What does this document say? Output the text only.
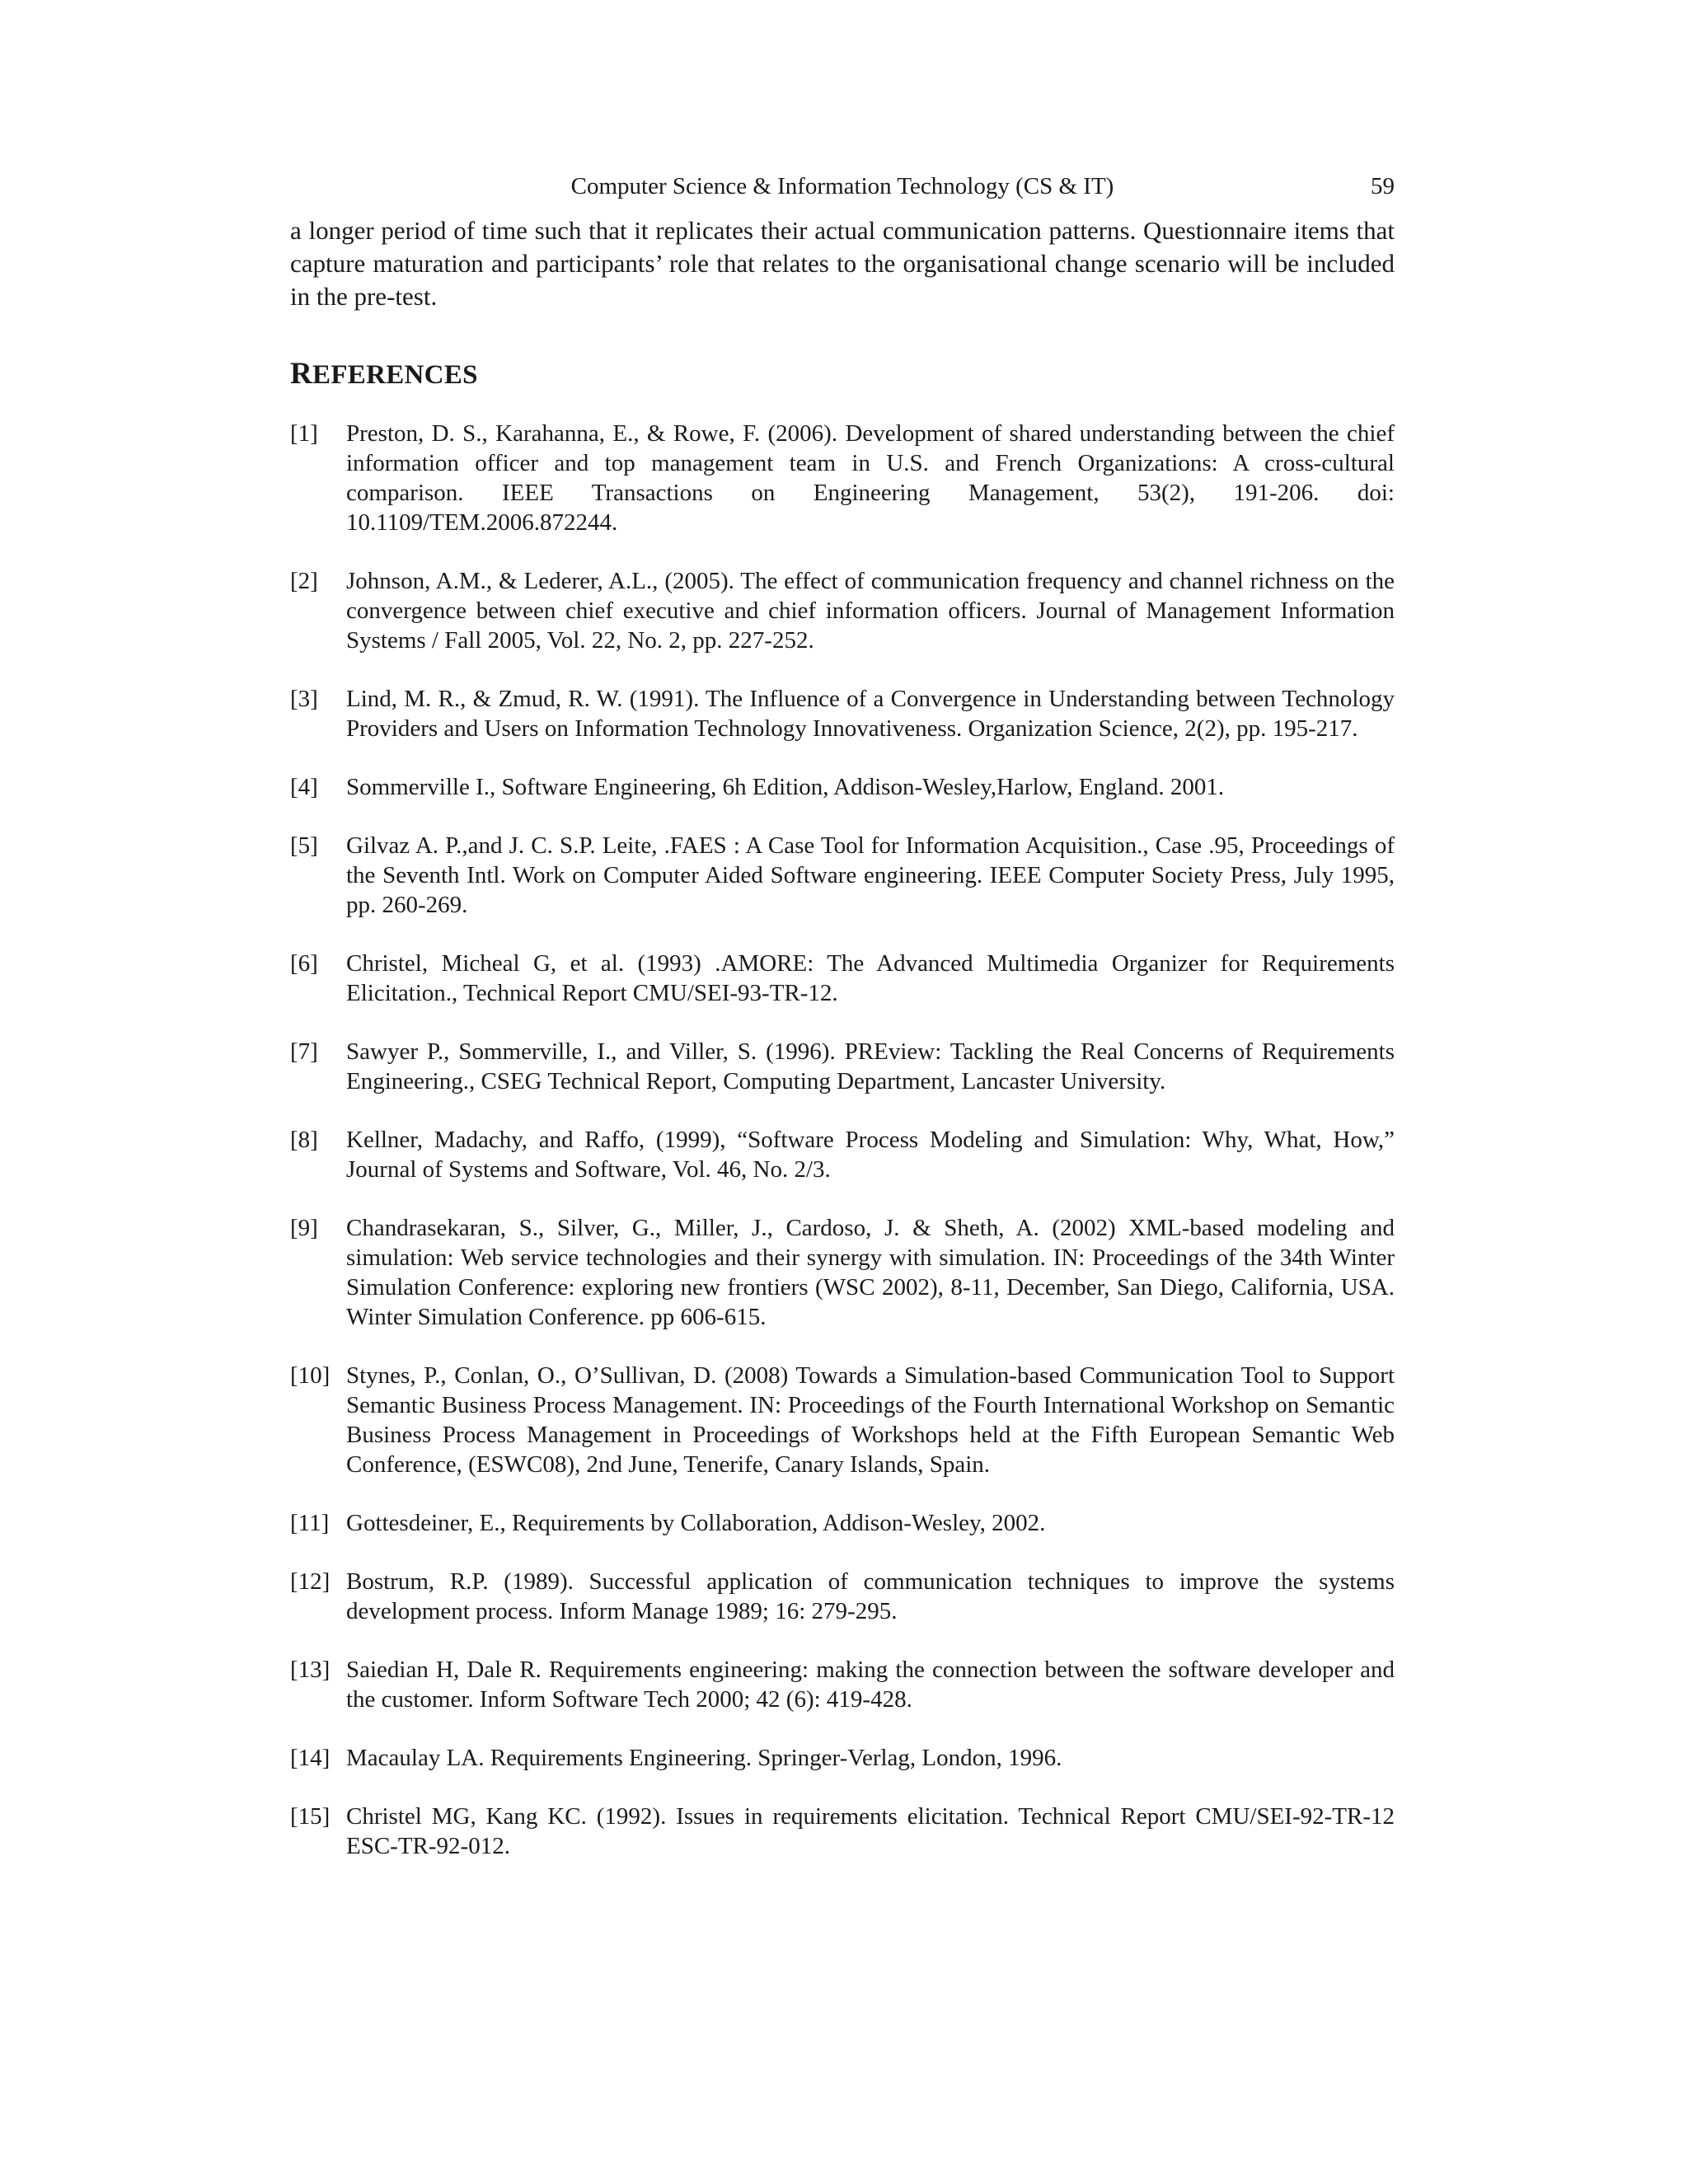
Computer Science & Information Technology (CS & IT)	59

a longer period of time such that it replicates their actual communication patterns. Questionnaire items that capture maturation and participants’ role that relates to the organisational change scenario will be included in the pre-test.

REFERENCES
[1]	Preston, D. S., Karahanna, E., & Rowe, F. (2006). Development of shared understanding between the chief information officer and top management team in U.S. and French Organizations: A cross-cultural comparison. IEEE Transactions on Engineering Management, 53(2), 191-206. doi: 10.1109/TEM.2006.872244.
[2]	Johnson, A.M., & Lederer, A.L., (2005). The effect of communication frequency and channel richness on the convergence between chief executive and chief information officers. Journal of Management Information Systems / Fall 2005, Vol. 22, No. 2, pp. 227-252.
[3]	Lind, M. R., & Zmud, R. W. (1991). The Influence of a Convergence in Understanding between Technology Providers and Users on Information Technology Innovativeness. Organization Science, 2(2), pp. 195-217.
[4]	Sommerville I., Software Engineering, 6h Edition, Addison-Wesley,Harlow, England. 2001.
[5]	Gilvaz A. P.,and J. C. S.P. Leite, .FAES : A Case Tool for Information Acquisition., Case .95, Proceedings of the Seventh Intl. Work on Computer Aided Software engineering. IEEE Computer Society Press, July 1995, pp. 260-269.
[6]	Christel, Micheal G, et al. (1993) .AMORE: The Advanced Multimedia Organizer for Requirements Elicitation., Technical Report CMU/SEI-93-TR-12.
[7]	Sawyer P., Sommerville, I., and Viller, S. (1996). PREview: Tackling the Real Concerns of Requirements Engineering., CSEG Technical Report, Computing Department, Lancaster University.
[8]	Kellner, Madachy, and Raffo, (1999), “Software Process Modeling and Simulation: Why, What, How,” Journal of Systems and Software, Vol. 46, No. 2/3.
[9]	Chandrasekaran, S., Silver, G., Miller, J., Cardoso, J. & Sheth, A. (2002) XML-based modeling and simulation: Web service technologies and their synergy with simulation. IN: Proceedings of the 34th Winter Simulation Conference: exploring new frontiers (WSC 2002), 8-11, December, San Diego, California, USA. Winter Simulation Conference. pp 606-615.
[10] Stynes, P., Conlan, O., O’Sullivan, D. (2008) Towards a Simulation-based Communication Tool to Support Semantic Business Process Management. IN: Proceedings of the Fourth International Workshop on Semantic Business Process Management in Proceedings of Workshops held at the Fifth European Semantic Web Conference, (ESWC08), 2nd June, Tenerife, Canary Islands, Spain.
[11] Gottesdeiner, E., Requirements by Collaboration, Addison-Wesley, 2002.
[12] Bostrum, R.P. (1989). Successful application of communication techniques to improve the systems development process. Inform Manage 1989; 16: 279-295.
[13] Saiedian H, Dale R. Requirements engineering: making the connection between the software developer and the customer. Inform Software Tech 2000; 42 (6): 419-428.
[14] Macaulay LA. Requirements Engineering. Springer-Verlag, London, 1996.
[15] Christel MG, Kang KC. (1992). Issues in requirements elicitation. Technical Report CMU/SEI-92-TR-12 ESC-TR-92-012.
